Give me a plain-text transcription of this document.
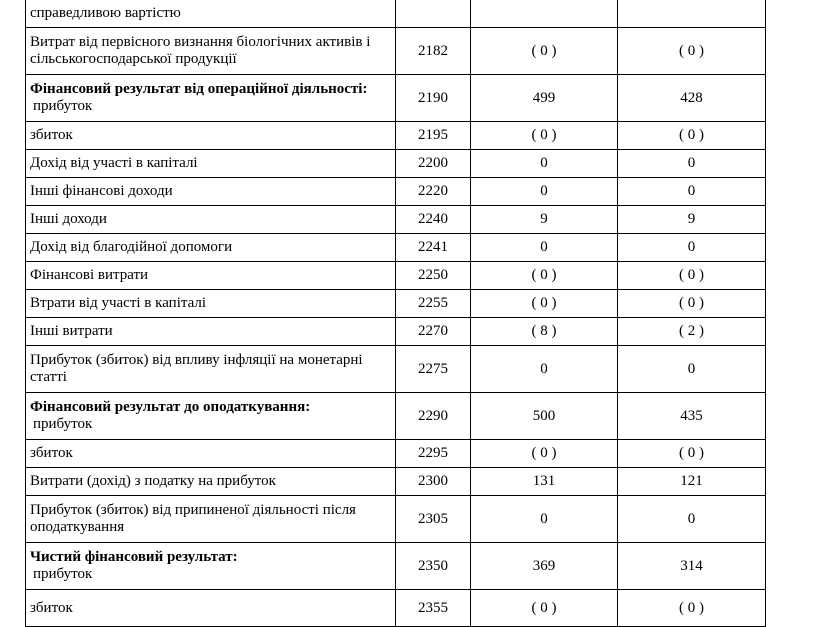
справедливою вартістю			
Витрат від первісного визнання біологічних активів і сільськогосподарської продукції	2182	( 0 )	( 0 )

Фінансовий результат від операційної діяльності:
прибуток	2190	499	428
збиток	2195	( 0 )	( 0 )
Дохід від участі в капіталі	2200	0	0
Інші фінансові доходи	2220	0	0
Інші доходи	2240	9	9
Дохід від благодійної допомоги	2241	0	0
Фінансові витрати	2250	( 0 )	( 0 )
Втрати від участі в капіталі	2255	( 0 )	( 0 )
Інші витрати	2270	( 8 )	( 2 )
Прибуток (збиток) від впливу інфляції на монетарні статті	2275	0	0

Фінансовий результат до оподаткування:
прибуток	2290	500	435
збиток	2295	( 0 )	( 0 )
Витрати (дохід) з податку на прибуток	2300	131	121
Прибуток (збиток) від припиненої діяльності після оподаткування	2305	0	0

Чистий фінансовий результат:
прибуток	2350	369	314
збиток	2355	( 0 )	( 0 )
